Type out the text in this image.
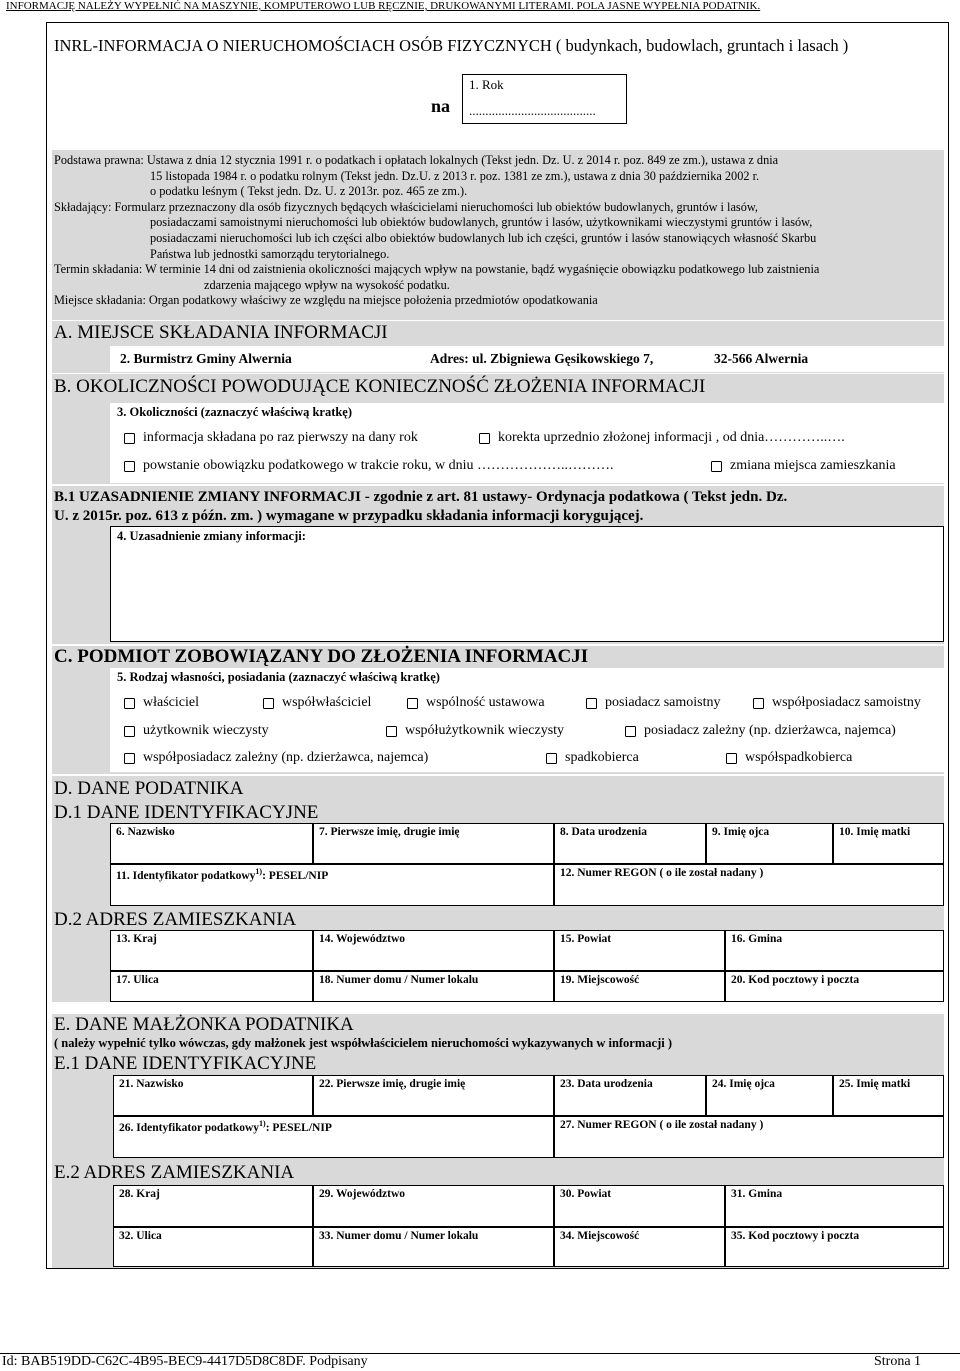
INFORMACJĘ NALEŻY WYPEŁNIĆ NA MASZYNIE, KOMPUTEROWO LUB RĘCZNIE, DRUKOWANYMI LITERAMI. POLA JASNE WYPEŁNIA PODATNIK.
INRL-INFORMACJA O NIERUCHOMOŚCIACH OSÓB FIZYCZNYCH ( budynkach, budowlach, gruntach i lasach )
na
1. Rok
.......................................

Podstawa prawna: Ustawa z dnia 12 stycznia 1991 r. o podatkach i opłatach lokalnych (Tekst jedn. Dz. U. z 2014 r. poz. 849 ze zm.), ustawa z dnia

15 listopada 1984 r. o podatku rolnym (Tekst jedn. Dz.U. z 2013 r. poz. 1381 ze zm.), ustawa z dnia 30 października 2002 r.

o podatku leśnym ( Tekst jedn. Dz. U. z 2013r. poz. 465 ze zm.).

Składający: Formularz przeznaczony dla osób fizycznych będących właścicielami nieruchomości lub obiektów budowlanych, gruntów i lasów,

posiadaczami samoistnymi nieruchomości lub obiektów budowlanych, gruntów i lasów, użytkownikami wieczystymi gruntów i lasów,

posiadaczami nieruchomości lub ich części albo obiektów budowlanych lub ich części, gruntów i lasów stanowiących własność Skarbu

Państwa lub jednostki samorządu terytorialnego.

Termin składania: W terminie 14 dni od zaistnienia okoliczności mających wpływ na powstanie, bądź wygaśnięcie obowiązku podatkowego lub zaistnienia

zdarzenia mającego wpływ na wysokość podatku.

Miejsce składania: Organ podatkowy właściwy ze względu na miejsce położenia przedmiotów opodatkowania

A. MIEJSCE SKŁADANIA INFORMACJI
2. Burmistrz Gminy Alwernia	Adres: ul. Zbigniewa Gęsikowskiego 7,	32-566 Alwernia
B. OKOLICZNOŚCI POWODUJĄCE KONIECZNOŚĆ ZŁOŻENIA INFORMACJI
3. Okoliczności (zaznaczyć właściwą kratkę)
informacja składana po raz pierwszy na dany rok	korekta uprzednio złożonej informacji , od dnia…………..….
powstanie obowiązku podatkowego w trakcie roku, w dniu ………………..……….	zmiana miejsca zamieszkania
B.1 UZASADNIENIE ZMIANY INFORMACJI - zgodnie z art. 81 ustawy- Ordynacja podatkowa ( Tekst jedn. Dz.
U. z 2015r. poz. 613 z późn. zm. ) wymagane w przypadku składania informacji korygującej.
4. Uzasadnienie zmiany informacji:
C. PODMIOT ZOBOWIĄZANY DO ZŁOŻENIA INFORMACJI
5. Rodzaj własności, posiadania (zaznaczyć właściwą kratkę)
właściciel	współwłaściciel	wspólność ustawowa	posiadacz samoistny	współposiadacz samoistny
użytkownik wieczysty	współużytkownik wieczysty	posiadacz zależny (np. dzierżawca, najemca)
współposiadacz zależny (np. dzierżawca, najemca)	spadkobierca	współspadkobierca
D. DANE PODATNIKA
D.1 DANE IDENTYFIKACYJNE
6. Nazwisko	7. Pierwsze imię, drugie imię	8. Data urodzenia	9. Imię ojca	10. Imię matki
11. Identyfikator podatkowy$^{1)}$: PESEL/NIP	12. Numer REGON ( o ile został nadany )
D.2 ADRES ZAMIESZKANIA
13. Kraj	14. Województwo	15. Powiat	16. Gmina
17. Ulica	18. Numer domu / Numer lokalu	19. Miejscowość	20. Kod pocztowy i poczta
E. DANE MAŁŻONKA PODATNIKA
( należy wypełnić tylko wówczas, gdy małżonek jest współwłaścicielem nieruchomości wykazywanych w informacji )
E.1 DANE IDENTYFIKACYJNE
21. Nazwisko	22. Pierwsze imię, drugie imię	23. Data urodzenia	24. Imię ojca	25. Imię matki
26. Identyfikator podatkowy$^{1)}$: PESEL/NIP	27. Numer REGON ( o ile został nadany )
E.2 ADRES ZAMIESZKANIA
28. Kraj	29. Województwo	30. Powiat	31. Gmina
32. Ulica	33. Numer domu / Numer lokalu	34. Miejscowość	35. Kod pocztowy i poczta
Id: BAB519DD-C62C-4B95-BEC9-4417D5D8C8DF. Podpisany	Strona 1
